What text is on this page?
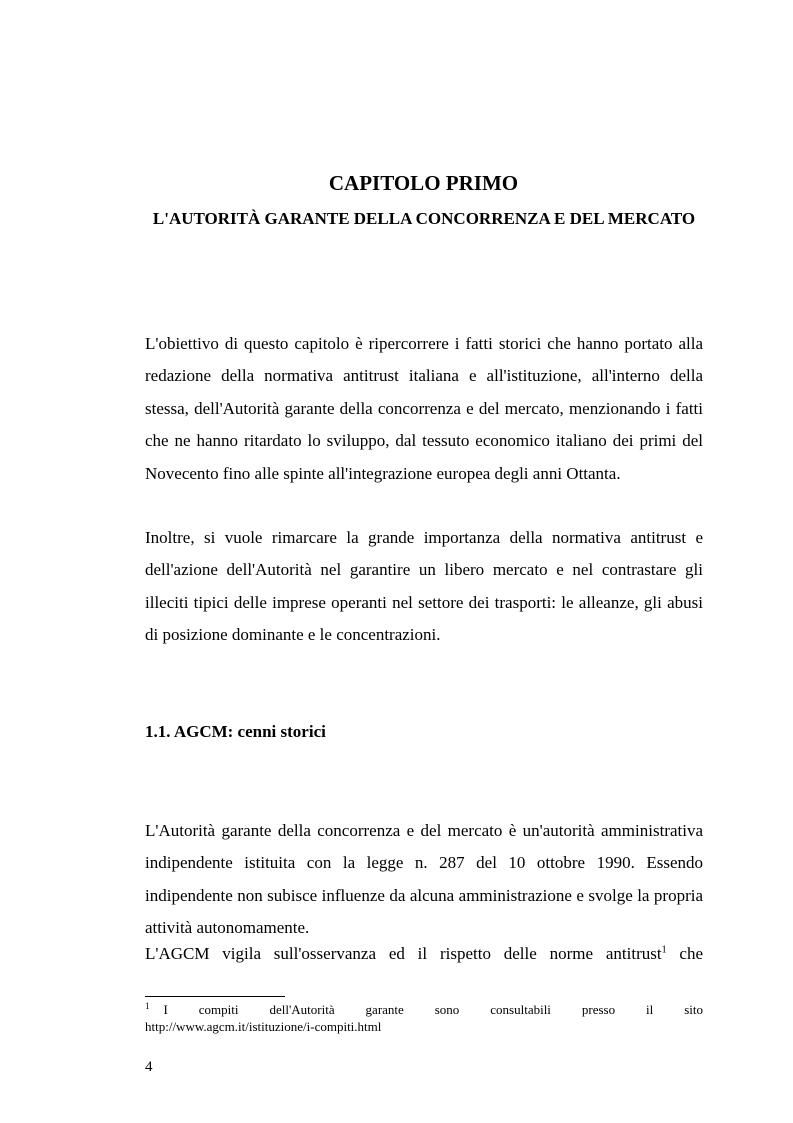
CAPITOLO PRIMO
L'AUTORITÀ GARANTE DELLA CONCORRENZA E DEL MERCATO

L'obiettivo di questo capitolo è ripercorrere i fatti storici che hanno portato alla redazione della normativa antitrust italiana e all'istituzione, all'interno della stessa, dell'Autorità garante della concorrenza e del mercato, menzionando i fatti che ne hanno ritardato lo sviluppo, dal tessuto economico italiano dei primi del Novecento fino alle spinte all'integrazione europea degli anni Ottanta.

Inoltre, si vuole rimarcare la grande importanza della normativa antitrust e dell'azione dell'Autorità nel garantire un libero mercato e nel contrastare gli illeciti tipici delle imprese operanti nel settore dei trasporti: le alleanze, gli abusi di posizione dominante e le concentrazioni.

1.1. AGCM: cenni storici

L'Autorità garante della concorrenza e del mercato è un'autorità amministrativa indipendente istituita con la legge n. 287 del 10 ottobre 1990. Essendo indipendente non subisce influenze da alcuna amministrazione e svolge la propria attività autonomamente.

L'AGCM vigila sull'osservanza ed il rispetto delle norme antitrust$^1$ che

$^1$ I compiti dell'Autorità garante sono consultabili presso il sito
http://www.agcm.it/istituzione/i-compiti.html
4
